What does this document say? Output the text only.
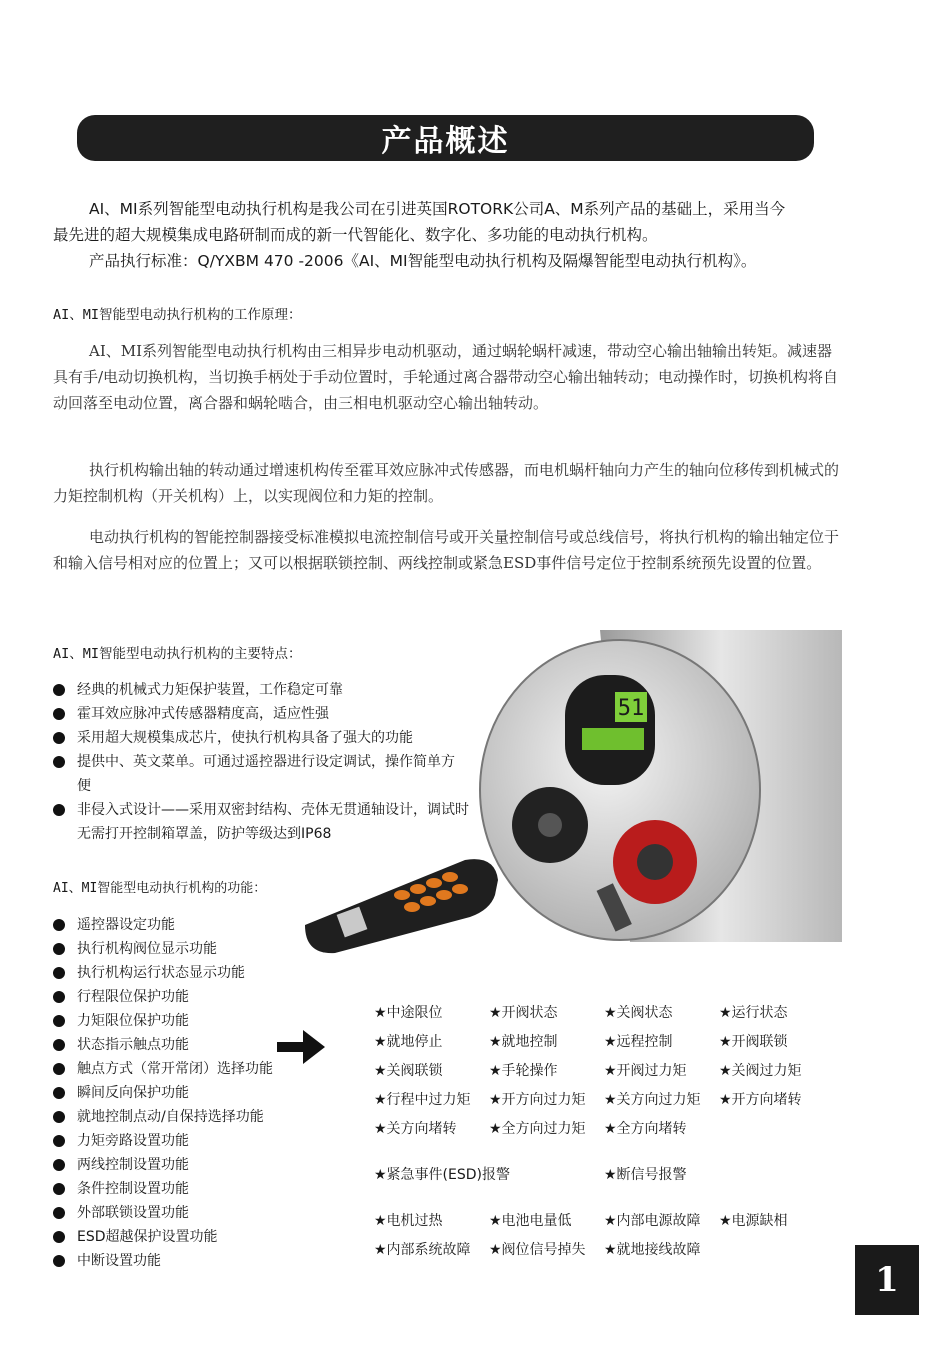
产品概述
AI、MI系列智能型电动执行机构是我公司在引进英国ROTORK公司A、M系列产品的基础上，采用当今
最先进的超大规模集成电路研制而成的新一代智能化、数字化、多功能的电动执行机构。
产品执行标准：Q/YXBM 470 -2006《AI、MI智能型电动执行机构及隔爆智能型电动执行机构》。
AI、MI智能型电动执行机构的工作原理：
AI、MI系列智能型电动执行机构由三相异步电动机驱动，通过蜗轮蜗杆减速，带动空心输出轴输出转矩。减速器具有手/电动切换机构，当切换手柄处于手动位置时，手轮通过离合器带动空心输出轴转动；电动操作时，切换机构将自动回落至电动位置，离合器和蜗轮啮合，由三相电机驱动空心输出轴转动。
执行机构输出轴的转动通过增速机构传至霍耳效应脉冲式传感器，而电机蜗杆轴向力产生的轴向位移传到机械式的力矩控制机构（开关机构）上，以实现阀位和力矩的控制。
电动执行机构的智能控制器接受标准模拟电流控制信号或开关量控制信号或总线信号，将执行机构的输出轴定位于和输入信号相对应的位置上；又可以根据联锁控制、两线控制或紧急ESD事件信号定位于控制系统预先设置的位置。
51
AI、MI智能型电动执行机构的主要特点：
经典的机械式力矩保护装置，工作稳定可靠
霍耳效应脉冲式传感器精度高，适应性强
采用超大规模集成芯片，使执行机构具备了强大的功能
提供中、英文菜单。可通过遥控器进行设定调试，操作简单方便
非侵入式设计——采用双密封结构、壳体无贯通轴设计，调试时无需打开控制箱罩盖，防护等级达到IP68
AI、MI智能型电动执行机构的功能：
遥控器设定功能
执行机构阀位显示功能
执行机构运行状态显示功能
行程限位保护功能
力矩限位保护功能
状态指示触点功能
触点方式（常开常闭）选择功能
瞬间反向保护功能
就地控制点动/自保持选择功能
力矩旁路设置功能
两线控制设置功能
条件控制设置功能
外部联锁设置功能
ESD超越保护设置功能
中断设置功能
★中途限位	★开阀状态	★关阀状态	★运行状态
★就地停止	★就地控制	★远程控制	★开阀联锁
★关阀联锁	★手轮操作	★开阀过力矩	★关阀过力矩
★行程中过力矩	★开方向过力矩	★关方向过力矩	★开方向堵转
★关方向堵转	★全方向过力矩	★全方向堵转
★紧急事件(ESD)报警	★断信号报警
★电机过热	★电池电量低	★内部电源故障	★电源缺相
★内部系统故障	★阀位信号掉失	★就地接线故障
1
